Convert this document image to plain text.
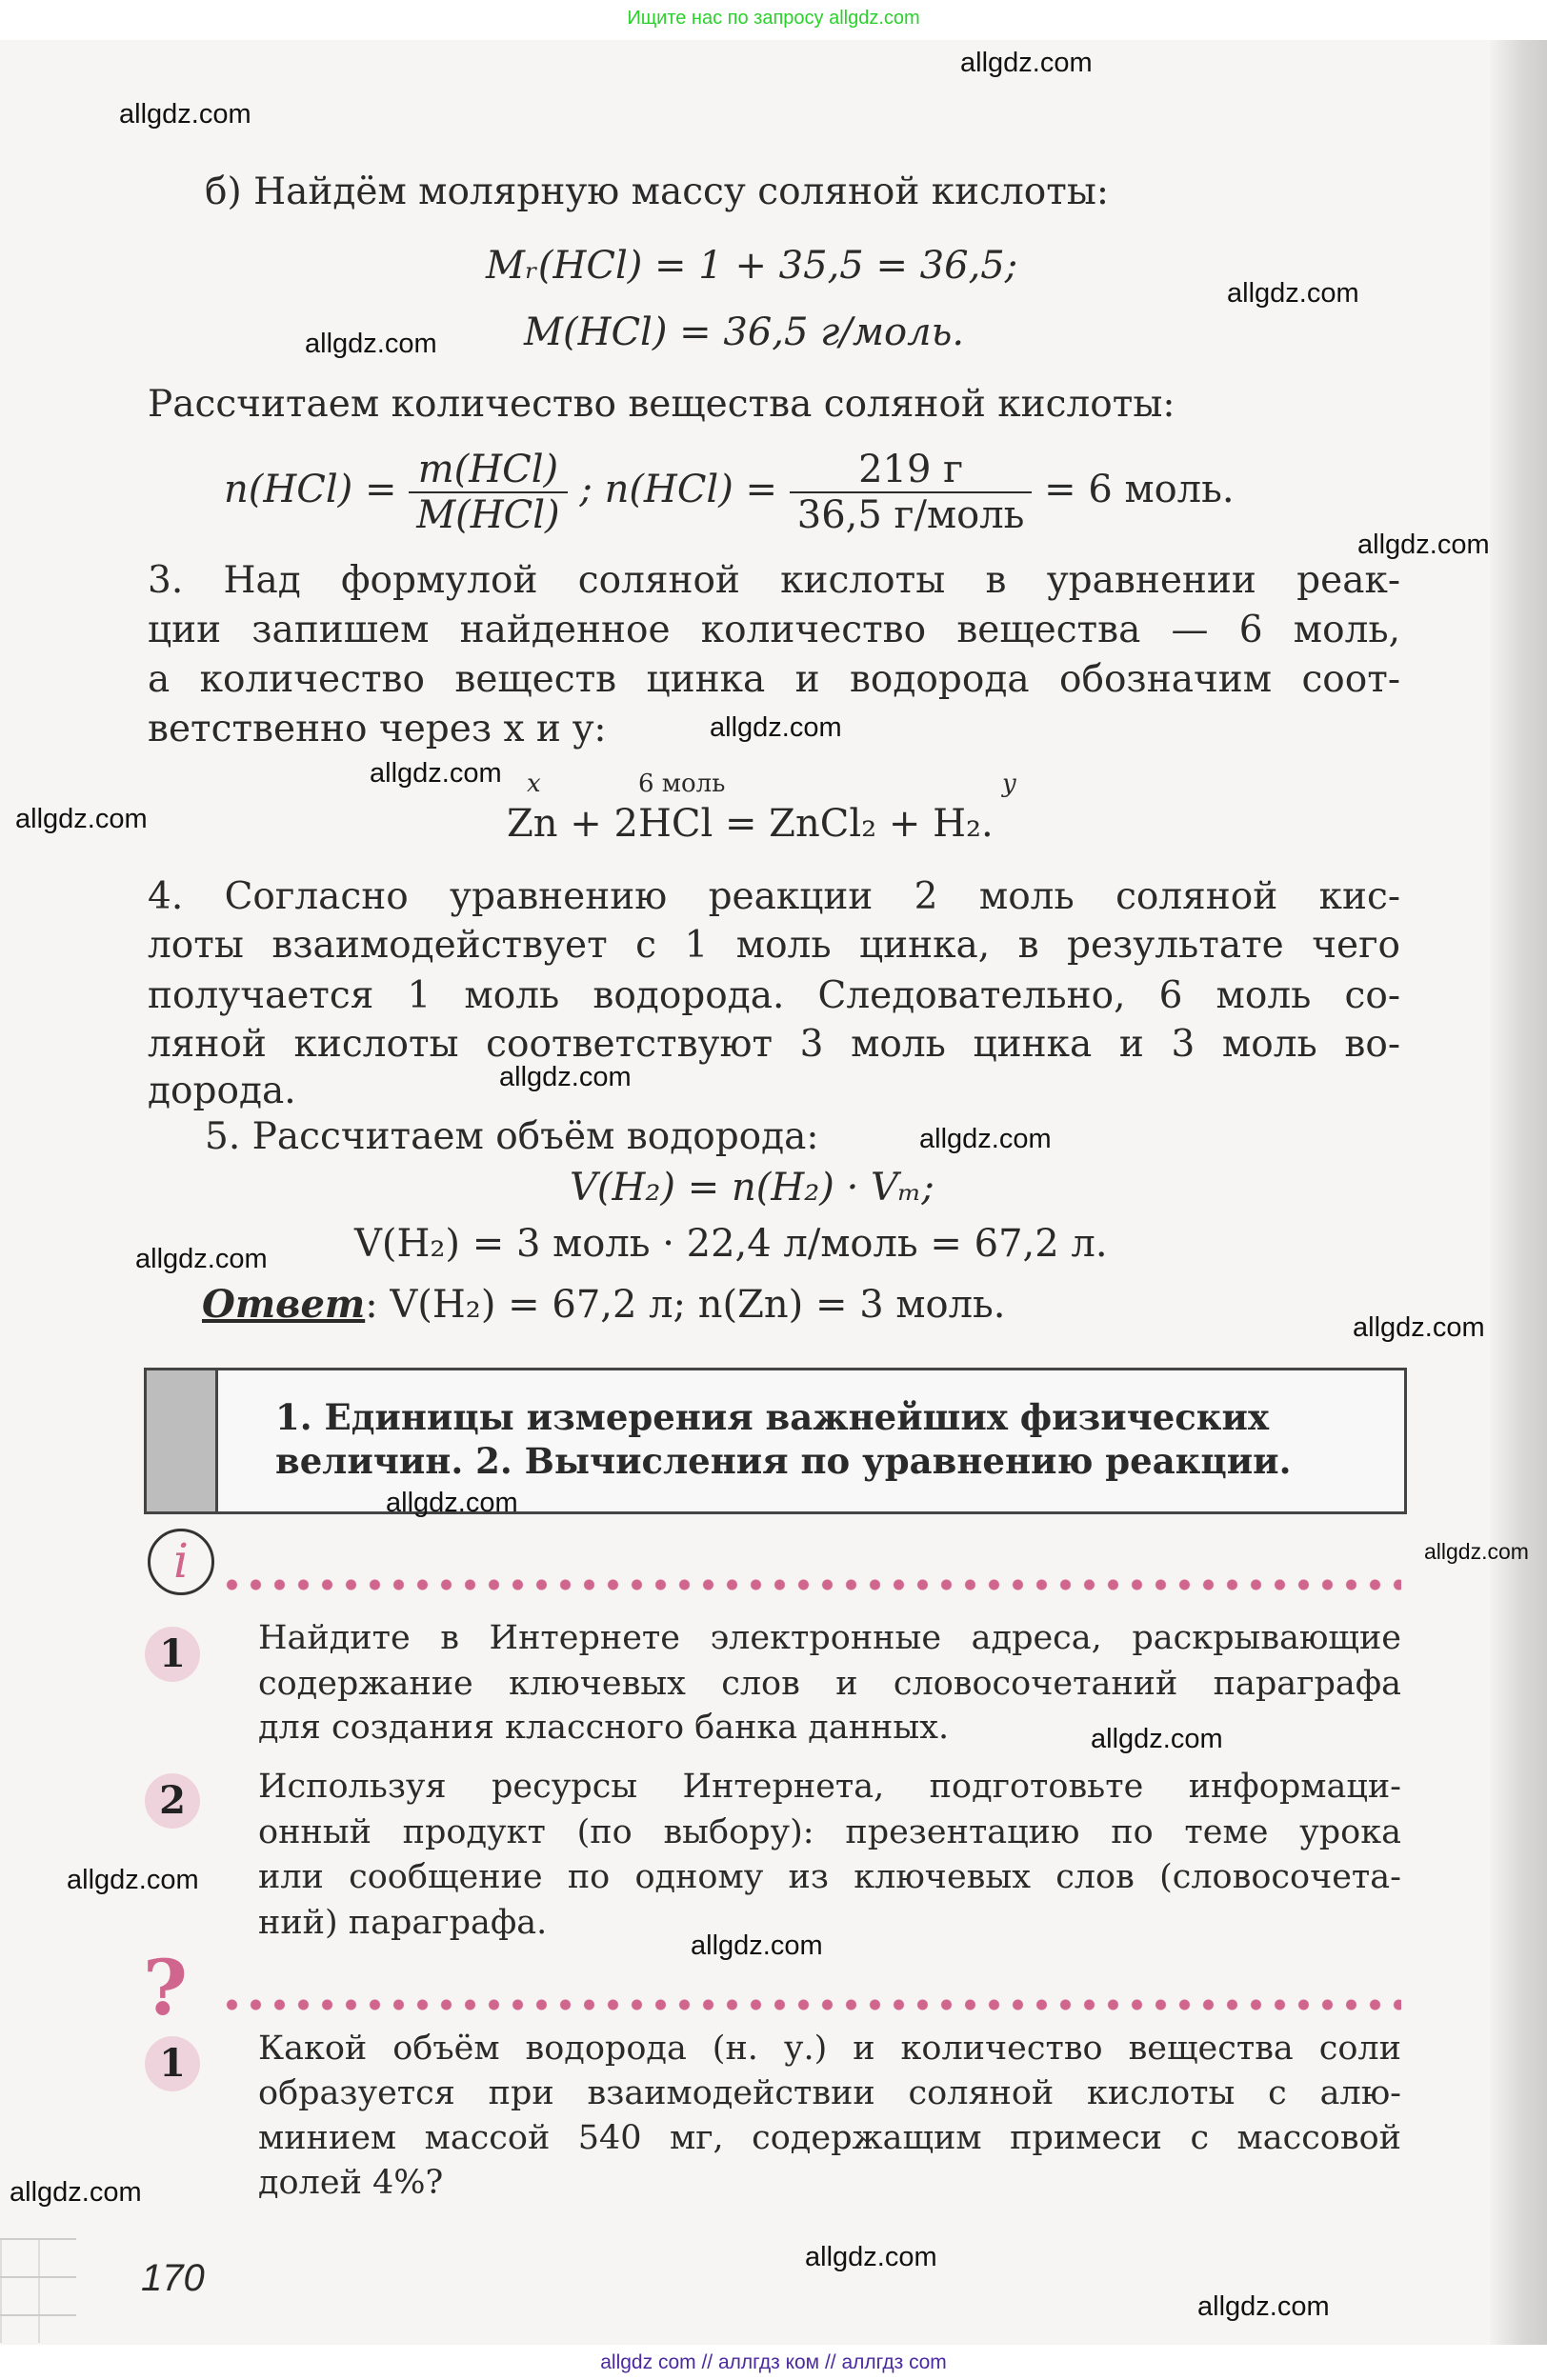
Ищите нас по запросу allgdz.com
б) Найдём молярную массу соляной кислоты:
Mᵣ(HCl) = 1 + 35,5 = 36,5;
M(HCl) = 36,5 г/моль.
Рассчитаем количество вещества соляной кислоты:
$n(HCl) = \frac{\text{m(HCl)}}{\text{M(HCl)}}$ ; $n(HCl) = \frac{219 г}{\text{36,5 г/моль}} = 6$ моль.
3. Над формулой соляной кислоты в уравнении реак-
ции запишем найденное количество вещества — 6 моль,
а количество веществ цинка и водорода обозначим соот-
ветственно через x и y:
x	6 моль	y
Zn + 2HCl = ZnCl₂ + H₂.
4. Согласно уравнению реакции 2 моль соляной кис-
лоты взаимодействует с 1 моль цинка, в результате чего
получается 1 моль водорода. Следовательно, 6 моль со-
ляной кислоты соответствуют 3 моль цинка и 3 моль во-
дорода.
5. Рассчитаем объём водорода:
V(H₂) = n(H₂) · Vₘ;
V(H₂) = 3 моль · 22,4 л/моль = 67,2 л.
Ответ: V(H₂) = 67,2 л; n(Zn) = 3 моль.
1. Единицы измерения важнейших физических
величин. 2. Вычисления по уравнению реакции.
i
1	Найдите в Интернете электронные адреса, раскрывающие
содержание ключевых слов и словосочетаний параграфа
для создания классного банка данных.
2	Используя ресурсы Интернета, подготовьте информаци-
онный продукт (по выбору): презентацию по теме урока
или сообщение по одному из ключевых слов (словосочета-
ний) параграфа.
?
1	Какой объём водорода (н. у.) и количество вещества соли
образуется при взаимодействии соляной кислоты с алю-
минием массой 540 мг, содержащим примеси с массовой
долей 4%?
170
allgdz.com
allgdz.com
allgdz.com
allgdz.com
allgdz.com
allgdz.com
allgdz.com
allgdz.com
allgdz.com
allgdz.com
allgdz.com
allgdz.com
allgdz.com
allgdz.com
allgdz.com
allgdz.com
allgdz.com
allgdz.com
allgdz.com
allgdz.com
allgdz com // аллгдз ком // аллгдз com
